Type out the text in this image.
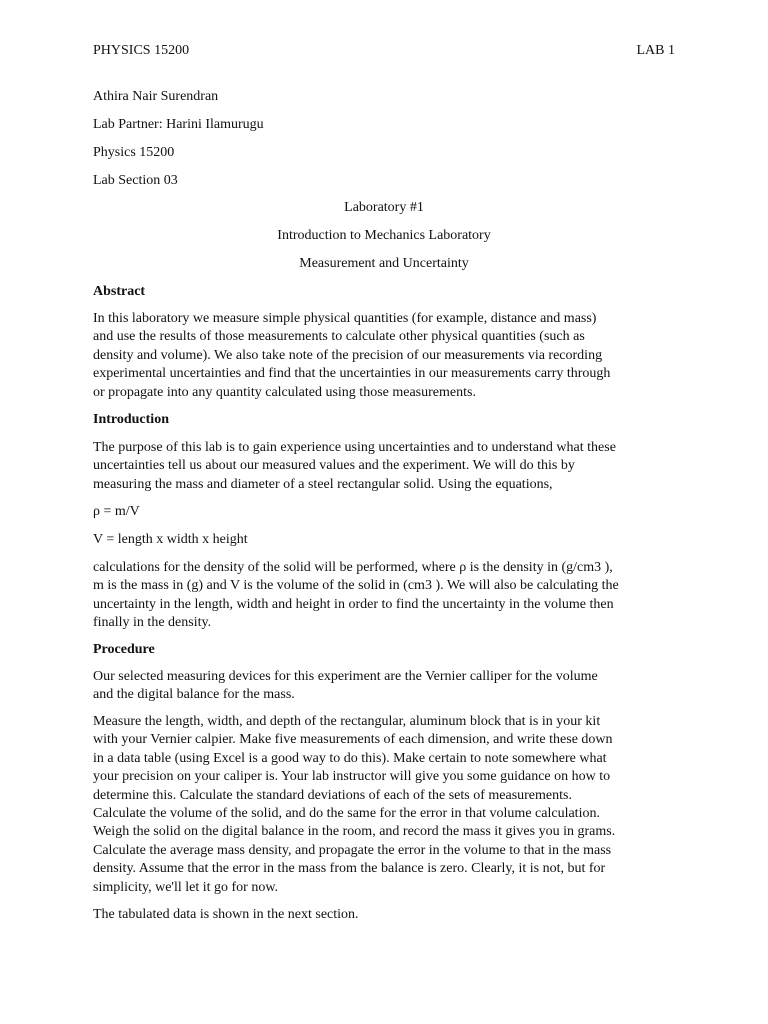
PHYSICS 15200	LAB 1
Athira Nair Surendran
Lab Partner: Harini Ilamurugu
Physics 15200
Lab Section 03
Laboratory #1
Introduction to Mechanics Laboratory
Measurement and Uncertainty
Abstract
In this laboratory we measure simple physical quantities (for example, distance and mass)
and use the results of those measurements to calculate other physical quantities (such as
density and volume). We also take note of the precision of our measurements via recording
experimental uncertainties and find that the uncertainties in our measurements carry through
or propagate into any quantity calculated using those measurements.
Introduction
The purpose of this lab is to gain experience using uncertainties and to understand what these
uncertainties tell us about our measured values and the experiment. We will do this by
measuring the mass and diameter of a steel rectangular solid. Using the equations,
ρ = m/V
V = length x width x height
calculations for the density of the solid will be performed, where ρ is the density in (g/cm3 ),
m is the mass in (g) and V is the volume of the solid in (cm3 ). We will also be calculating the
uncertainty in the length, width and height in order to find the uncertainty in the volume then
finally in the density.
Procedure
Our selected measuring devices for this experiment are the Vernier calliper for the volume
and the digital balance for the mass.
Measure the length, width, and depth of the rectangular, aluminum block that is in your kit
with your Vernier calpier. Make five measurements of each dimension, and write these down
in a data table (using Excel is a good way to do this). Make certain to note somewhere what
your precision on your caliper is. Your lab instructor will give you some guidance on how to
determine this. Calculate the standard deviations of each of the sets of measurements.
Calculate the volume of the solid, and do the same for the error in that volume calculation.
Weigh the solid on the digital balance in the room, and record the mass it gives you in grams.
Calculate the average mass density, and propagate the error in the volume to that in the mass
density. Assume that the error in the mass from the balance is zero. Clearly, it is not, but for
simplicity, we'll let it go for now.
The tabulated data is shown in the next section.
